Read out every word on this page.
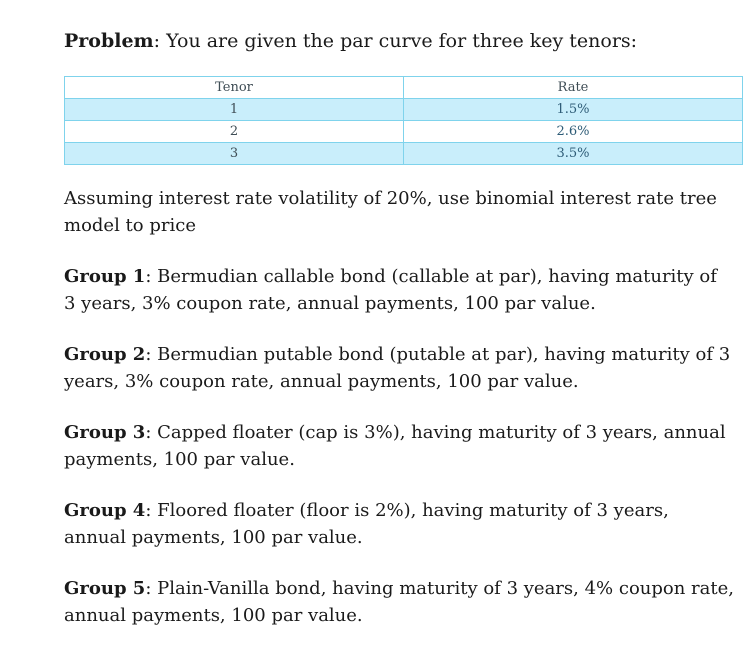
Problem: You are given the par curve for three key tenors:

Tenor	Rate
1	1.5%
2	2.6%
3	3.5%

Assuming interest rate volatility of 20%, use binomial interest rate tree model to price

Group 1: Bermudian callable bond (callable at par), having maturity of 3 years, 3% coupon rate, annual payments, 100 par value.

Group 2: Bermudian putable bond (putable at par), having maturity of 3 years, 3% coupon rate, annual payments, 100 par value.

Group 3: Capped floater (cap is 3%), having maturity of 3 years, annual payments, 100 par value.

Group 4: Floored floater (floor is 2%), having maturity of 3 years, annual payments, 100 par value.

Group 5: Plain-Vanilla bond, having maturity of 3 years, 4% coupon rate, annual payments, 100 par value.
